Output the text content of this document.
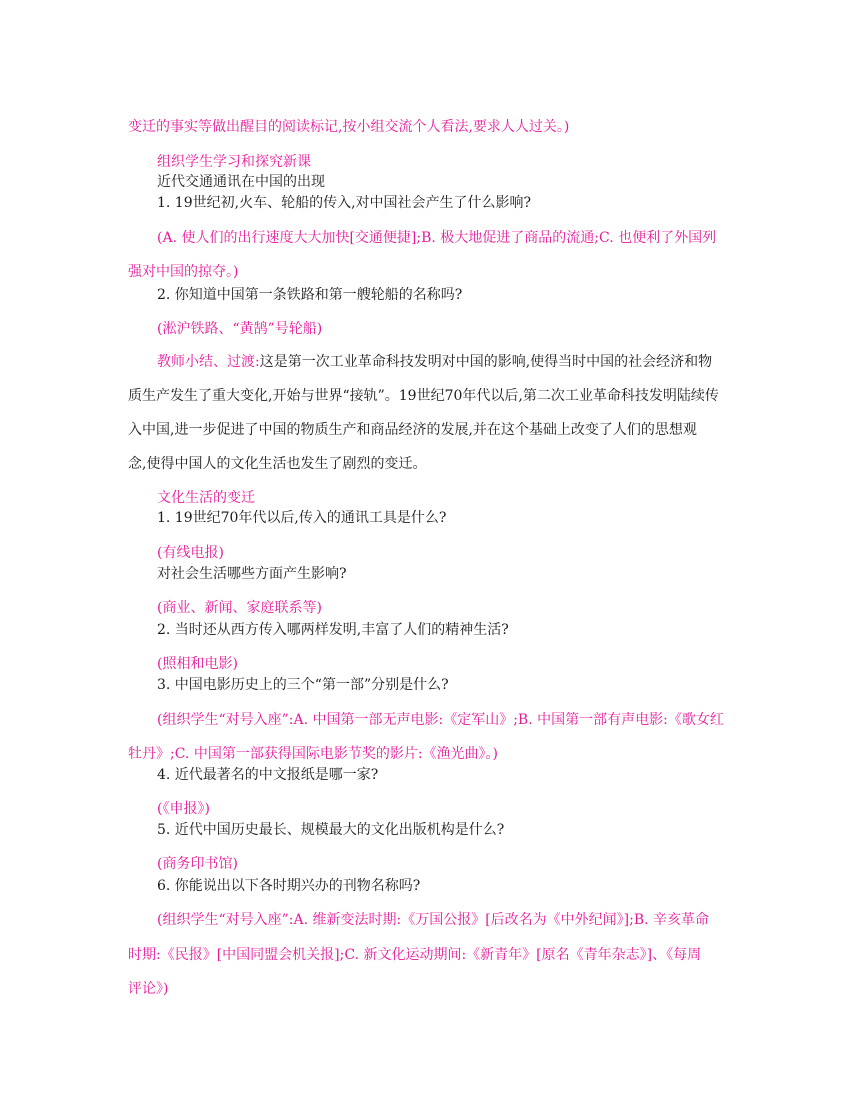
变迁的事实等做出醒目的阅读标记,按小组交流个人看法,要求人人过关。)
组织学生学习和探究新课
近代交通通讯在中国的出现
1. 19世纪初,火车、轮船的传入,对中国社会产生了什么影响?
(A. 使人们的出行速度大大加快[交通便捷];B. 极大地促进了商品的流通;C. 也便利了外国列
强对中国的掠夺。)
2. 你知道中国第一条铁路和第一艘轮船的名称吗?
(淞沪铁路、“黄鹄”号轮船)
教师小结、过渡:这是第一次工业革命科技发明对中国的影响,使得当时中国的社会经济和物
质生产发生了重大变化,开始与世界“接轨”。19世纪70年代以后,第二次工业革命科技发明陆续传
入中国,进一步促进了中国的物质生产和商品经济的发展,并在这个基础上改变了人们的思想观
念,使得中国人的文化生活也发生了剧烈的变迁。
文化生活的变迁
1. 19世纪70年代以后,传入的通讯工具是什么?
(有线电报)
对社会生活哪些方面产生影响?
(商业、新闻、家庭联系等)
2. 当时还从西方传入哪两样发明,丰富了人们的精神生活?
(照相和电影)
3. 中国电影历史上的三个“第一部”分别是什么?
(组织学生“对号入座”:A. 中国第一部无声电影:《定军山》;B. 中国第一部有声电影:《歌女红
牡丹》;C. 中国第一部获得国际电影节奖的影片:《渔光曲》。)
4. 近代最著名的中文报纸是哪一家?
(《申报》)
5. 近代中国历史最长、规模最大的文化出版机构是什么?
(商务印书馆)
6. 你能说出以下各时期兴办的刊物名称吗?
(组织学生“对号入座”:A. 维新变法时期:《万国公报》[后改名为《中外纪闻》];B. 辛亥革命
时期:《民报》[中国同盟会机关报];C. 新文化运动期间:《新青年》[原名《青年杂志》]、《每周
评论》)
